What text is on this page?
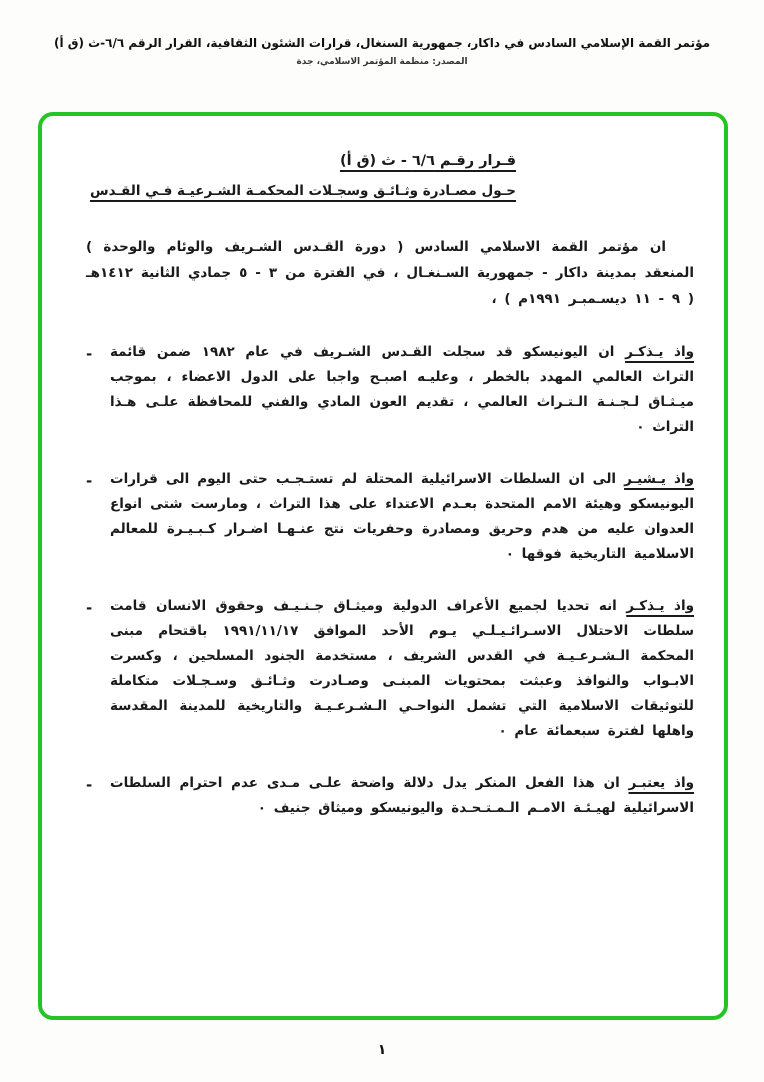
مؤتمر القمة الإسلامي السادس في داكار، جمهورية السنغال، قرارات الشئون الثقافية، القرار الرقم ٦/٦-ث (ق أ)
المصدر: منظمة المؤتمر الاسلامي، جدة
قـرار رقـم ٦/٦ - ث (ق أ)
حـول مصـادرة وثـائـق وسجـلات المحكمـة الشـرعيـة فـي القـدس

ان مؤتمر القمة الاسلامي السادس ( دورة القـدس الشـريف والوئام والوحدة ) المنعقد بمدينة داكار - جمهورية السـنغـال ، في الفترة من ٣ - ٥ جمادي الثانية ١٤١٢هـ ( ٩ - ١١ ديسـمبـر ١٩٩١م ) ،

-	واذ يـذكـر ان اليونيسكو قد سجلت القـدس الشـريف في عام ١٩٨٢ ضمن قائمة التراث العالمي المهدد بالخطر ، وعليـه اصبـح واجبا على الدول الاعضاء ، بموجب ميـثـاق لـجـنـة الـتـراث العالمي ، تقديم العون المادي والفني للمحافظة علـى هـذا التراث ٠

-	واذ يـشيـر الى ان السلطات الاسرائيلية المحتلة لم تستـجـب حتى اليوم الى قرارات اليونيسكو وهيئة الامم المتحدة بعـدم الاعتداء على هذا التراث ، ومارست شتى انواع العدوان عليه من هدم وحريق ومصادرة وحفريات نتج عنـهـا اضـرار كـبـيـرة للمعالم الاسلامية التاريخية فوقها ٠

-	واذ يـذكـر انه تحديا لجميع الأعراف الدولية وميثـاق جـنـيـف وحقوق الانسان قامت سلطات الاحتلال الاسـرائـيـلـي يـوم الأحد الموافق ١٩٩١/١١/١٧ باقتحام مبنى المحكمة الـشـرعـيـة في القدس الشريف ، مستخدمة الجنود المسلحين ، وكسرت الابـواب والنوافذ وعبثت بمحتويات المبنـى وصـادرت وثـائـق وسـجـلات متكاملة للتوثيقات الاسلامية التي تشمل النواحـي الـشـرعـيـة والتاريخية للمدينة المقدسة واهلها لفترة سبعمائة عام ٠

-	واذ يعتبـر ان هذا الفعل المنكر يدل دلالة واضحة علـى مـدى عدم احترام السلطات الاسرائيلية لهيـئـة الامـم الـمـتـحـدة واليونيسكو وميثاق جنيف ٠

١
